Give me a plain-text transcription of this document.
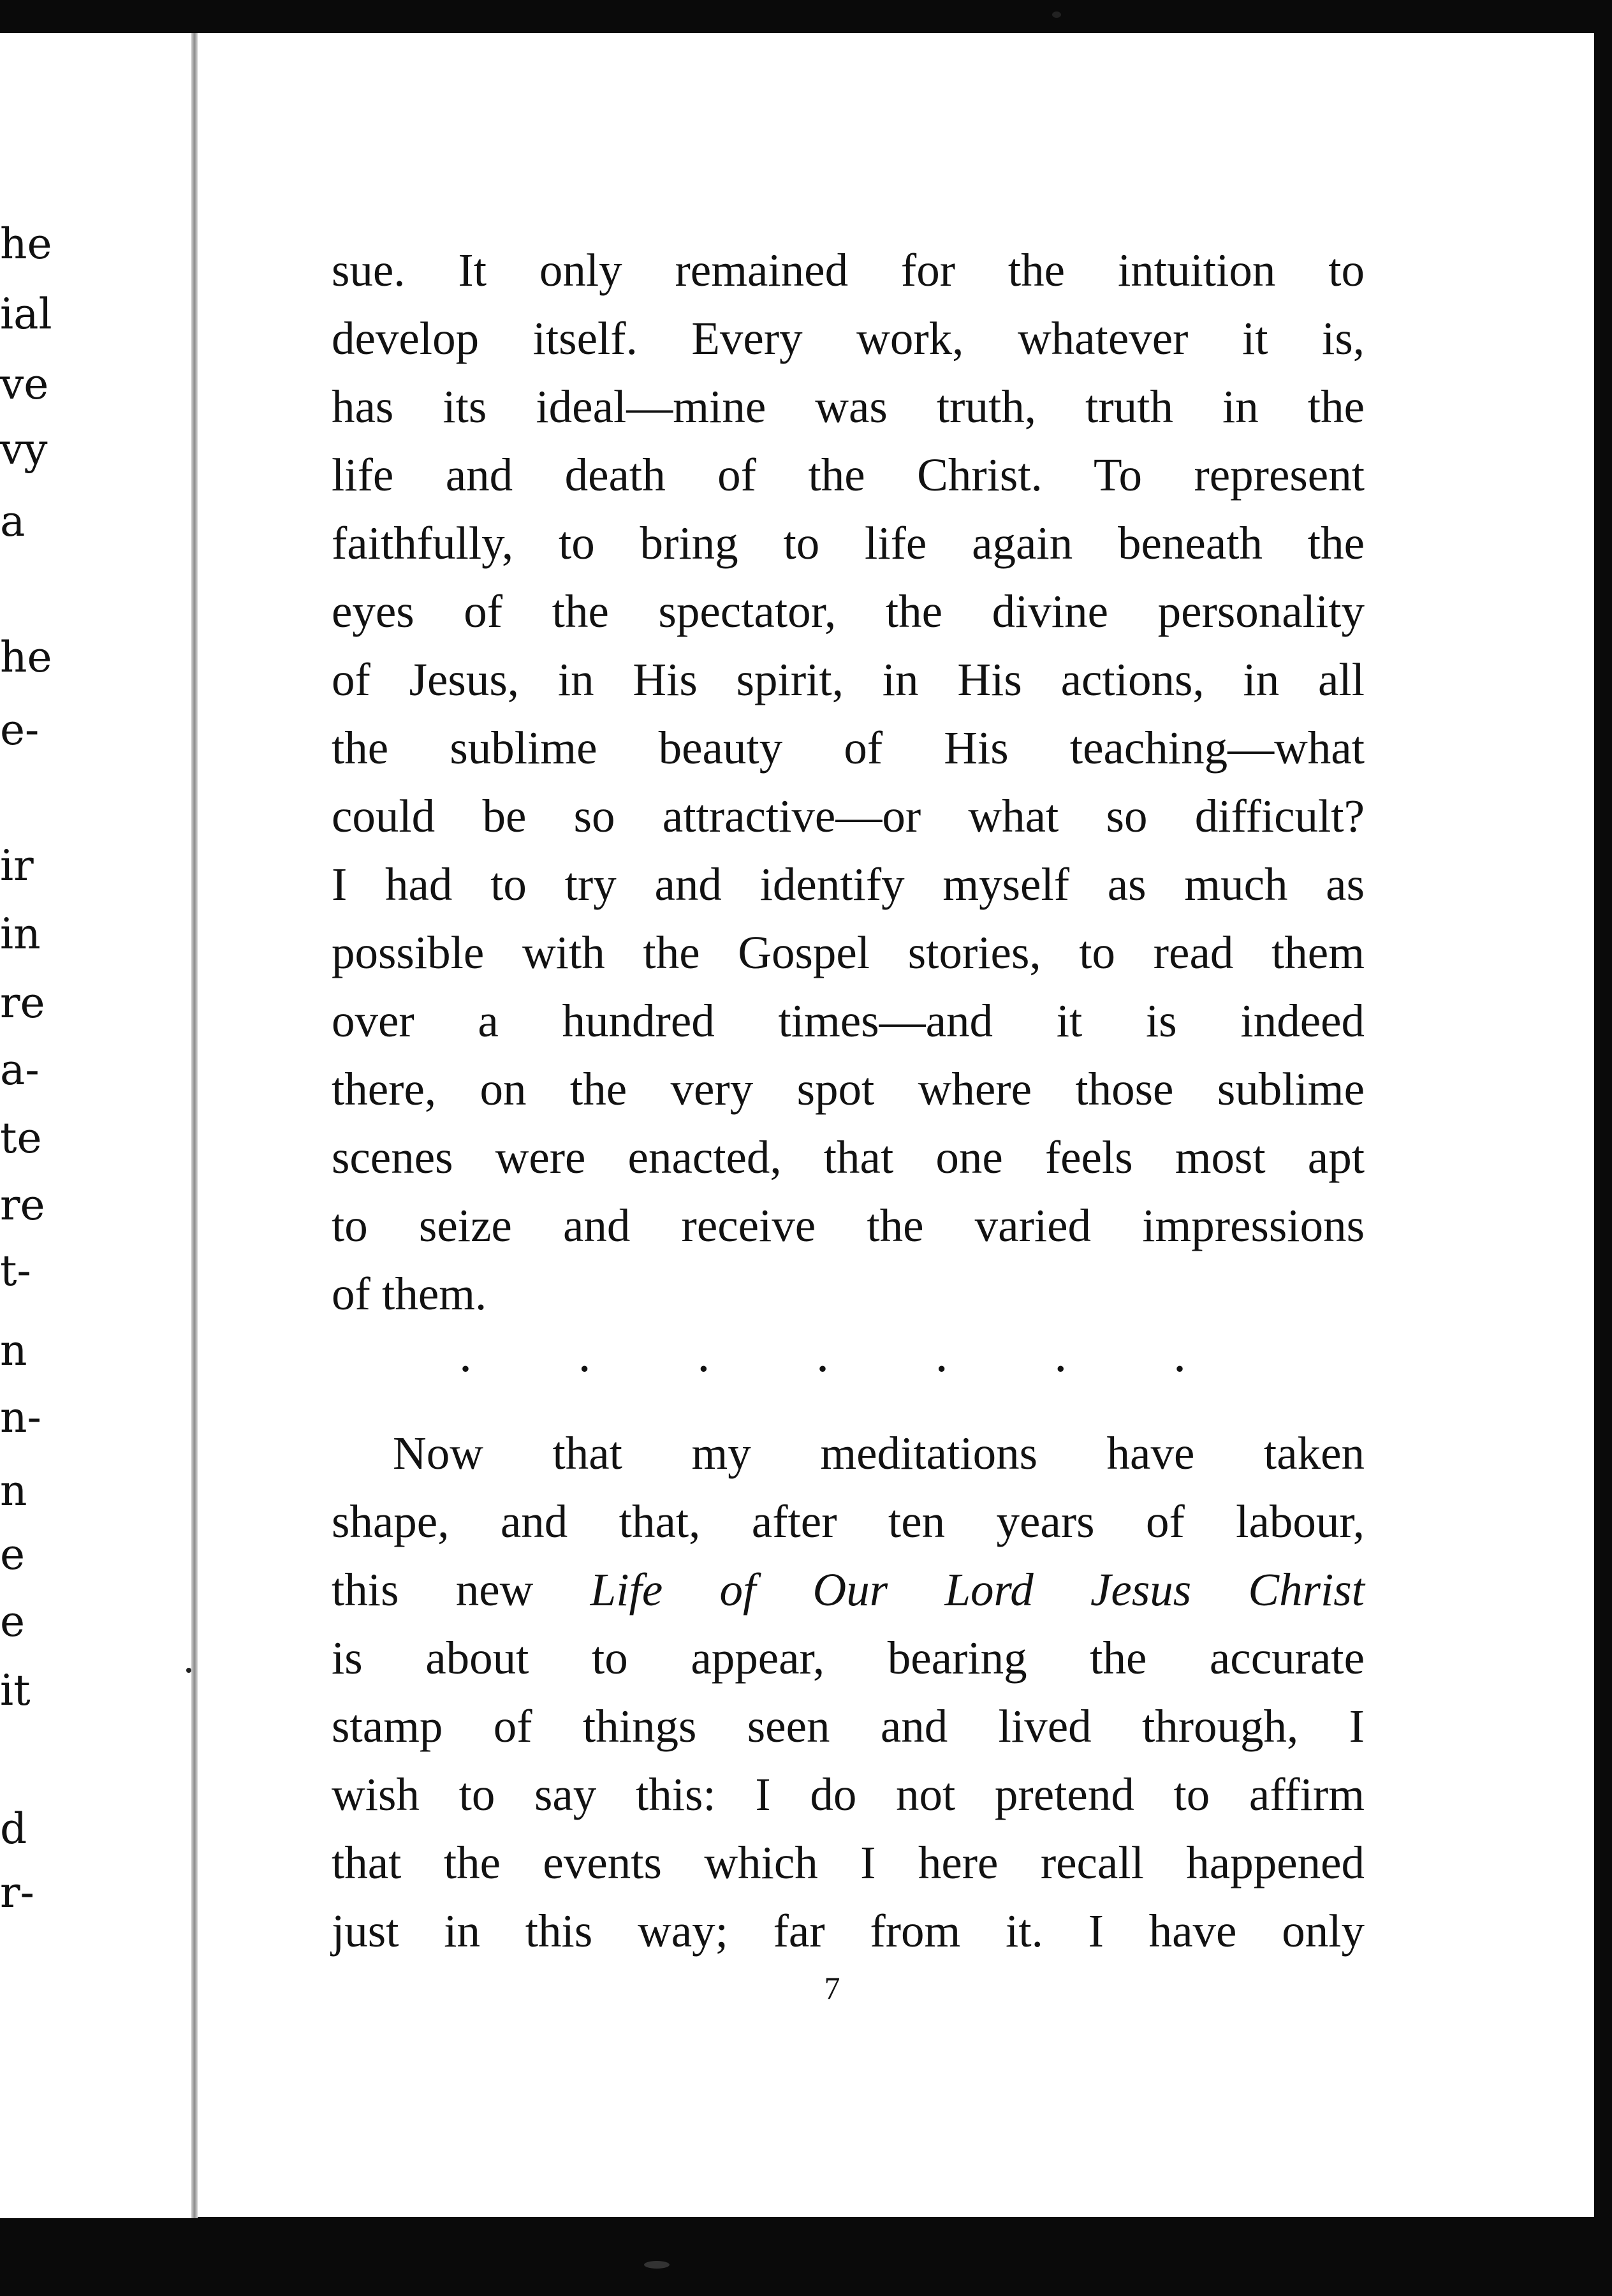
he
ial
ve
vy
a
he
e-
ir
in
re
a-
te
re
t-
n
n-
n
e
e
it
d
r-
sue. It only remained for the intuition to
develop itself. Every work, whatever it is,
has its ideal—mine was truth, truth in the
life and death of the Christ. To represent
faithfully, to bring to life again beneath the
eyes of the spectator, the divine personality
of Jesus, in His spirit, in His actions, in all
the sublime beauty of His teaching—what
could be so attractive—or what so difficult?
I had to try and identify myself as much as
possible with the Gospel stories, to read them
over a hundred times—and it is indeed
there, on the very spot where those sublime
scenes were enacted, that one feels most apt
to seize and receive the varied impressions
of them.
. . . . . . .
Now that my meditations have taken
shape, and that, after ten years of labour,
this new Life of Our Lord Jesus Christ
is about to appear, bearing the accurate
stamp of things seen and lived through, I
wish to say this: I do not pretend to affirm
that the events which I here recall happened
just in this way; far from it. I have only
7
